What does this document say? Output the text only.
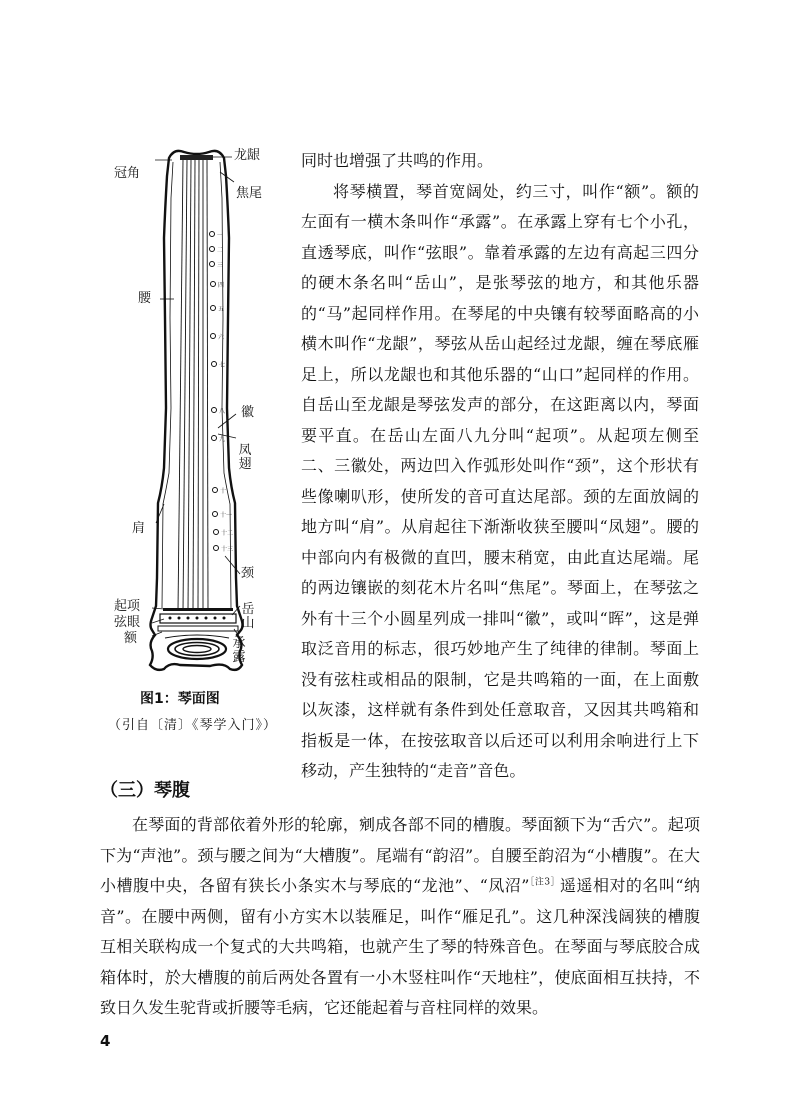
一
二
三
四
五
六
七
八
九
十
十一
十二
十三
龙龈
冠角
焦尾
腰
徽
凤翅
肩
颈
起项	岳山
弦眼
额	承露
图1：琴面图
（引自〔清〕《琴学入门》）

同时也增强了共鸣的作用。

将琴横置，琴首宽阔处，约三寸，叫作“额”。额的左面有一横木条叫作“承露”。在承露上穿有七个小孔，直透琴底，叫作“弦眼”。靠着承露的左边有高起三四分的硬木条名叫“岳山”，是张琴弦的地方，和其他乐器的“马”起同样作用。在琴尾的中央镶有较琴面略高的小横木叫作“龙龈”，琴弦从岳山起经过龙龈，缠在琴底雁足上，所以龙龈也和其他乐器的“山口”起同样的作用。自岳山至龙龈是琴弦发声的部分，在这距离以内，琴面要平直。在岳山左面八九分叫“起项”。从起项左侧至二、三徽处，两边凹入作弧形处叫作“颈”，这个形状有些像喇叭形，使所发的音可直达尾部。颈的左面放阔的地方叫“肩”。从肩起往下渐渐收狭至腰叫“凤翅”。腰的中部向内有极微的直凹，腰末稍宽，由此直达尾端。尾的两边镶嵌的刻花木片名叫“焦尾”。琴面上，在琴弦之外有十三个小圆星列成一排叫“徽”，或叫“晖”，这是弹取泛音用的标志，很巧妙地产生了纯律的律制。琴面上没有弦柱或相品的限制，它是共鸣箱的一面，在上面敷以灰漆，这样就有条件到处任意取音，又因其共鸣箱和指板是一体，在按弦取音以后还可以利用余响进行上下移动，产生独特的“走音”音色。

（三）琴腹

在琴面的背部依着外形的轮廓，剜成各部不同的槽腹。琴面额下为“舌穴”。起项下为“声池”。颈与腰之间为“大槽腹”。尾端有“韵沼”。自腰至韵沼为“小槽腹”。在大小槽腹中央，各留有狭长小条实木与琴底的“龙池”、“凤沼”$^{[注3]}$遥遥相对的名叫“纳音”。在腰中两侧，留有小方实木以装雁足，叫作“雁足孔”。这几种深浅阔狭的槽腹互相关联构成一个复式的大共鸣箱，也就产生了琴的特殊音色。在琴面与琴底胶合成箱体时，於大槽腹的前后两处各置有一小木竖柱叫作“天地柱”，使底面相互扶持，不致日久发生驼背或折腰等毛病，它还能起着与音柱同样的效果。

4
